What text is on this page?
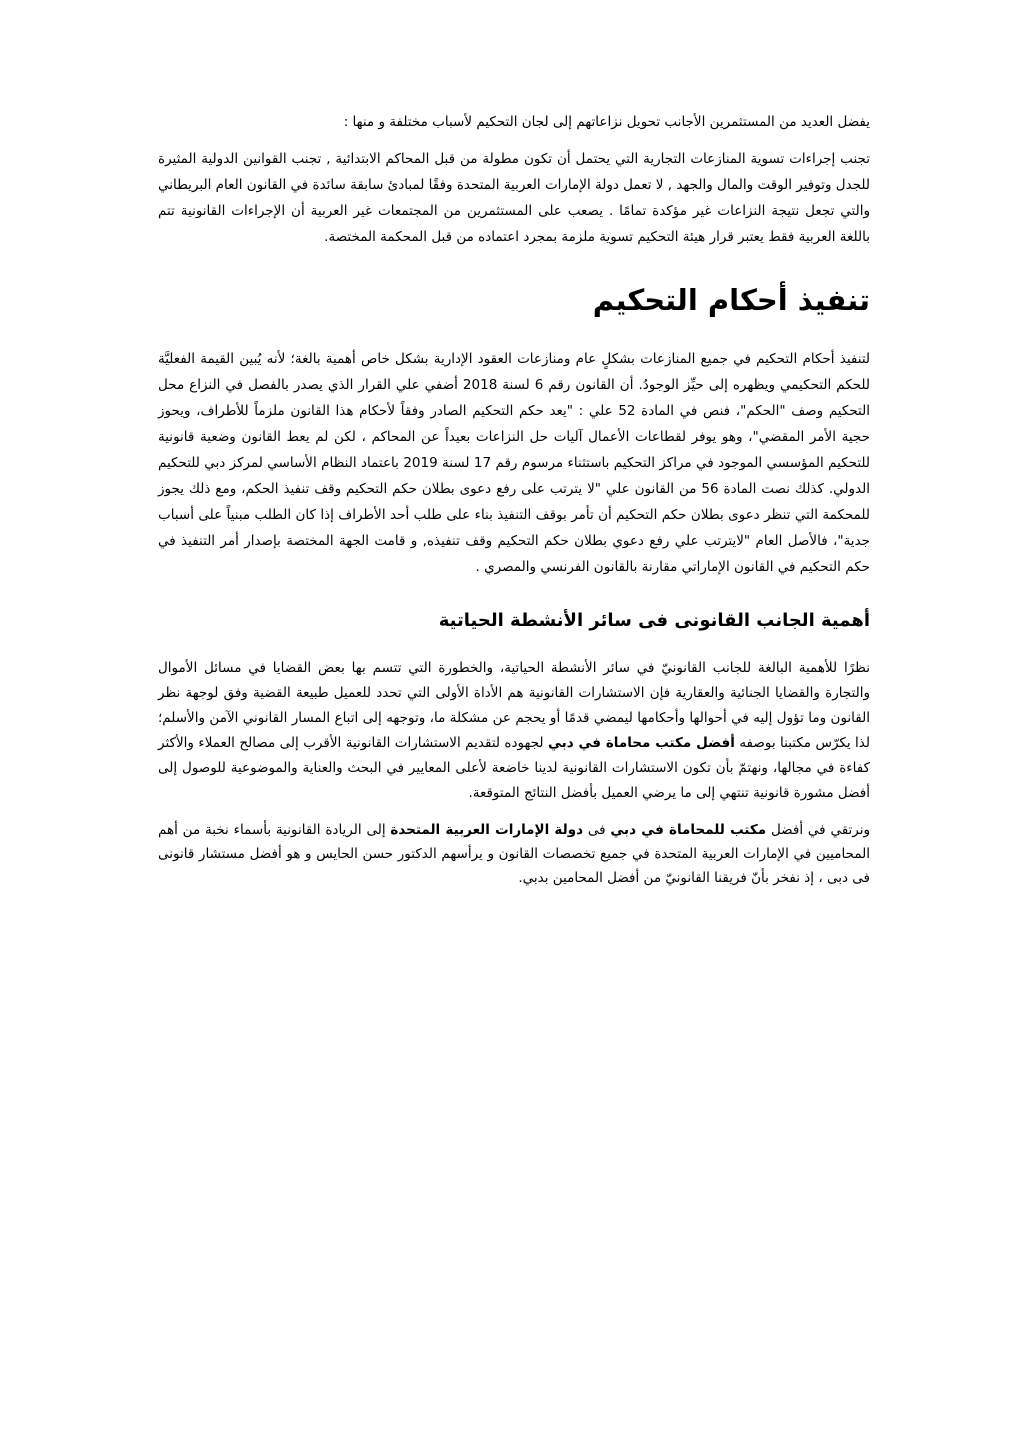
يفضل العديد من المستثمرين الأجانب تحويل نزاعاتهم إلى لجان التحكيم لأسباب مختلفة و منها :

تجنب إجراءات تسوية المنازعات التجارية التي يحتمل أن تكون مطولة من قبل المحاكم الابتدائية , تجنب القوانين الدولية المثيرة للجدل وتوفير الوقت والمال والجهد , لا تعمل دولة الإمارات العربية المتحدة وفقًا لمبادئ سابقة سائدة في القانون العام البريطاني والتي تجعل نتيجة النزاعات غير مؤكدة تمامًا . يصعب على المستثمرين من المجتمعات غير العربية أن الإجراءات القانونية تتم باللغة العربية فقط يعتبر قرار هيئة التحكيم تسوية ملزمة بمجرد اعتماده من قبل المحكمة المختصة.

تنفيذ أحكام التحكيم

لتنفيذ أحكام التحكيم في جميع المنازعات بشكلٍ عام ومنازعات العقود الإدارية بشكل خاص أهمية بالغة؛ لأنه يُبين القيمة الفعليَّة للحكم التحكيمي ويظهره إلى حيِّز الوجودُ. أن القانون رقم 6 لسنة 2018 أضفي علي القرار الذي يصدر بالفصل في النزاع محل التحكيم وصف "الحكم"، فنص في المادة 52 علي : "يعد حكم التحكيم الصادر وفقاً لأحكام هذا القانون ملزماً للأطراف، ويحوز حجية الأمر المقضي"، وهو يوفر لقطاعات الأعمال آليات حل النزاعات بعيداً عن المحاكم ، لكن لم يعط القانون وضعية قانونية للتحكيم المؤسسي الموجود في مراكز التحكيم باستثناء مرسوم رقم 17 لسنة 2019 باعتماد النظام الأساسي لمركز دبي للتحكيم الدولي. كذلك نصت المادة 56 من القانون علي "لا يترتب على رفع دعوى بطلان حكم التحكيم وقف تنفيذ الحكم، ومع ذلك يجوز للمحكمة التي تنظر دعوى بطلان حكم التحكيم أن تأمر بوقف التنفيذ بناء على طلب أحد الأطراف إذا كان الطلب مبنياً على أسباب جدية"، فالأصل العام "لايترتب علي رفع دعوي بطلان حكم التحكيم وقف تنفيذه, و قامت الجهة المختصة بإصدار أمر التنفيذ في حكم التحكيم في القانون الإماراتي مقارنة بالقانون الفرنسي والمصري .

أهمية الجانب القانونى فى سائر الأنشطة الحياتية

نظرًا للأهمية البالغة للجانب القانونيّ في سائر الأنشطة الحياتية، والخطورة التي تتسم بها بعض القضايا في مسائل الأموال والتجارة والقضايا الجنائية والعقارية فإن الاستشارات القانونية هم الأداة الأولى التي تحدد للعميل طبيعة القضية وفق لوجهة نظر القانون وما تؤول إليه في أحوالها وأحكامها ليمضي قدمًا أو يحجم عن مشكلة ما، وتوجهه إلى اتباع المسار القانوني الآمن والأسلم؛ لذا يكرّس مكتبنا بوصفه أفضل مكتب محاماة في دبي لجهوده لتقديم الاستشارات القانونية الأقرب إلى مصالح العملاء والأكثر كفاءة في مجالها، ونهتمّ بأن تكون الاستشارات القانونية لدينا خاضعة لأعلى المعايير في البحث والعناية والموضوعية للوصول إلى أفضل مشورة قانونية تنتهي إلى ما يرضي العميل بأفضل النتائج المتوقعة.

ونرتقي في أفضل مكتب للمحاماة في دبي فى دولة الإمارات العربية المتحدة إلى الريادة القانونية بأسماء نخبة من أهم المحاميين في الإمارات العربية المتحدة في جميع تخصصات القانون و يرأسهم الدكتور حسن الحايس و هو أفضل مستشار قانونى فى دبى ، إذ نفخر بأنّ فريقنا القانونيّ من أفضل المحامين بدبي.
